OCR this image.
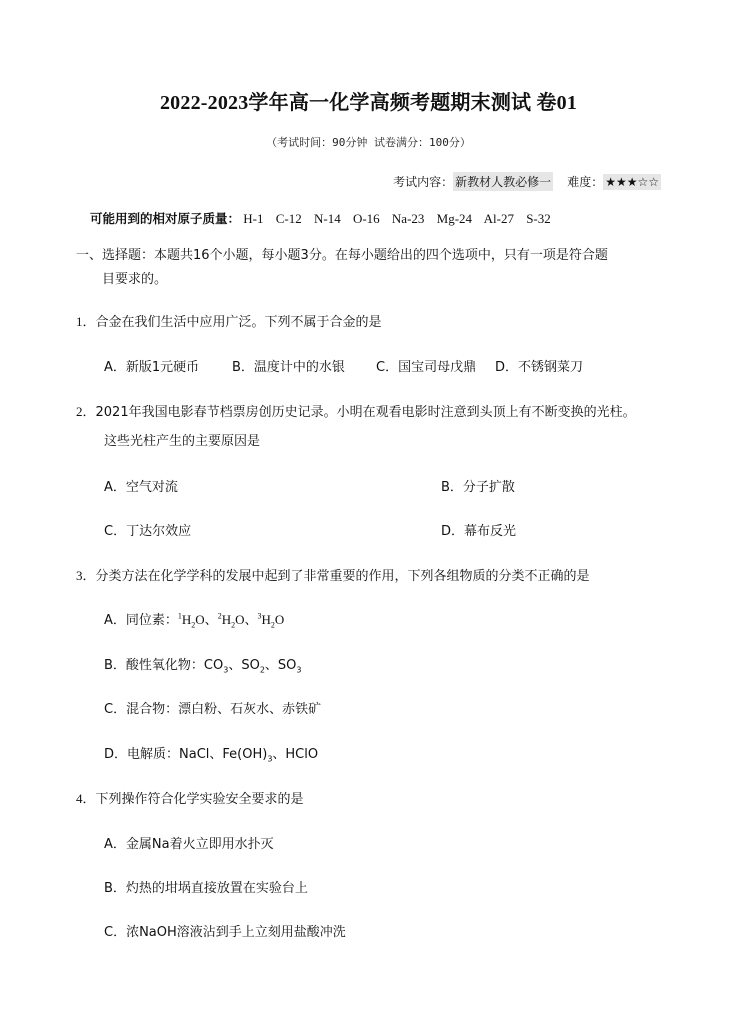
2022-2023学年高一化学高频考题期末测试 卷01
（考试时间：90分钟 试卷满分：100分）
考试内容： 新教材人教必修一 难度： ★★★☆☆
可能用到的相对原子质量： H-1 C-12 N-14 O-16 Na-23 Mg-24 Al-27 S-32
一、选择题：本题共16个小题，每小题3分。在每小题给出的四个选项中，只有一项是符合题
目要求的。
1．合金在我们生活中应用广泛。下列不属于合金的是
A．新版1元硬币	B．温度计中的水银 C．国宝司母戊鼎 D．不锈钢菜刀
2．2021年我国电影春节档票房创历史记录。小明在观看电影时注意到头顶上有不断变换的光柱。
这些光柱产生的主要原因是
A．空气对流	B．分子扩散
C．丁达尔效应	D．幕布反光
3．分类方法在化学学科的发展中起到了非常重要的作用，下列各组物质的分类不正确的是
A．同位素：$^1H_2O$、$^2H_2O$、$^3H_2O$
B．酸性氧化物：$CO_3$、$SO_2$、$SO_3$
C．混合物：漂白粉、石灰水、赤铁矿
D．电解质：NaCl、$Fe(OH)_3$、HClO
4．下列操作符合化学实验安全要求的是
A．金属Na着火立即用水扑灭
B．灼热的坩埚直接放置在实验台上
C．浓NaOH溶液沾到手上立刻用盐酸冲洗
